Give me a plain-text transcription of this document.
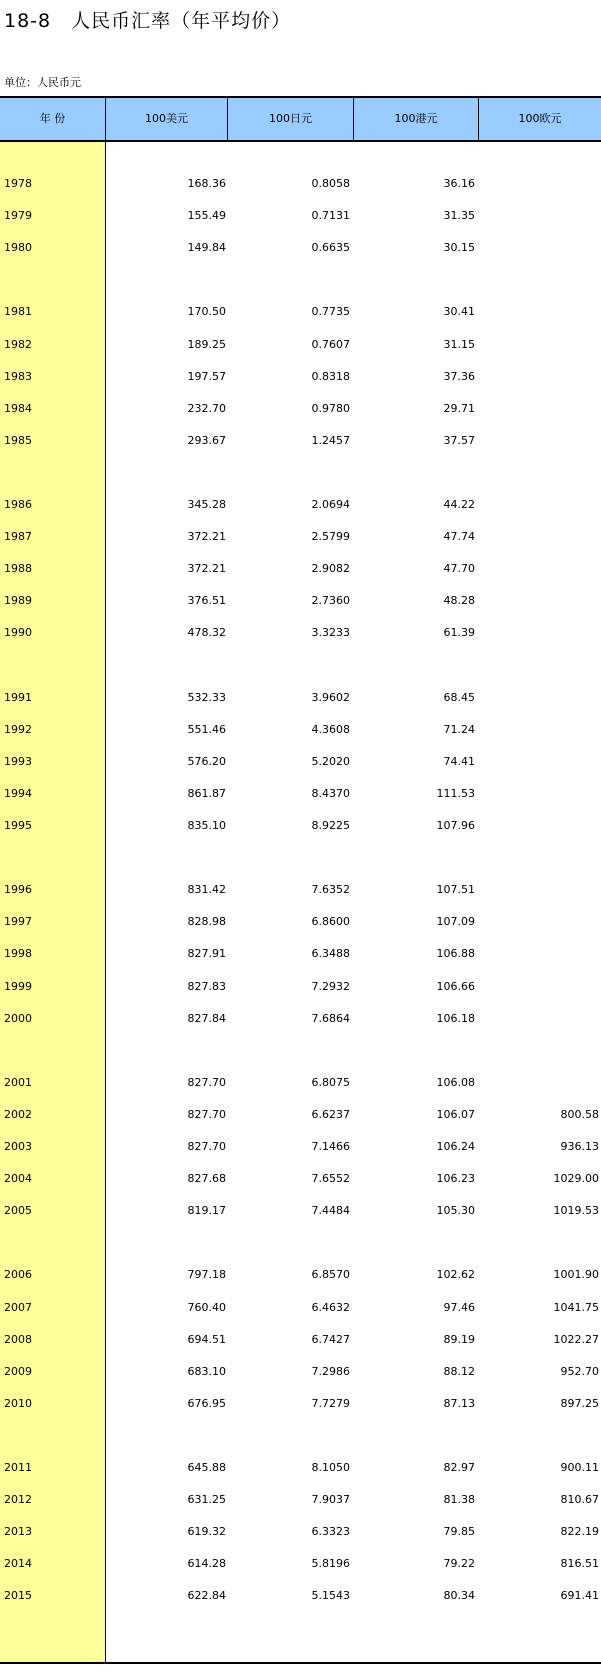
18-8　人民币汇率（年平均价）
单位：人民币元
年 份	100美元	100日元	100港元	100欧元
1978	168.36	0.8058	36.16
1979	155.49	0.7131	31.35
1980	149.84	0.6635	30.15
1981	170.50	0.7735	30.41
1982	189.25	0.7607	31.15
1983	197.57	0.8318	37.36
1984	232.70	0.9780	29.71
1985	293.67	1.2457	37.57
1986	345.28	2.0694	44.22
1987	372.21	2.5799	47.74
1988	372.21	2.9082	47.70
1989	376.51	2.7360	48.28
1990	478.32	3.3233	61.39
1991	532.33	3.9602	68.45
1992	551.46	4.3608	71.24
1993	576.20	5.2020	74.41
1994	861.87	8.4370	111.53
1995	835.10	8.9225	107.96
1996	831.42	7.6352	107.51
1997	828.98	6.8600	107.09
1998	827.91	6.3488	106.88
1999	827.83	7.2932	106.66
2000	827.84	7.6864	106.18
2001	827.70	6.8075	106.08
2002	827.70	6.6237	106.07	800.58
2003	827.70	7.1466	106.24	936.13
2004	827.68	7.6552	106.23	1029.00
2005	819.17	7.4484	105.30	1019.53
2006	797.18	6.8570	102.62	1001.90
2007	760.40	6.4632	97.46	1041.75
2008	694.51	6.7427	89.19	1022.27
2009	683.10	7.2986	88.12	952.70
2010	676.95	7.7279	87.13	897.25
2011	645.88	8.1050	82.97	900.11
2012	631.25	7.9037	81.38	810.67
2013	619.32	6.3323	79.85	822.19
2014	614.28	5.8196	79.22	816.51
2015	622.84	5.1543	80.34	691.41
